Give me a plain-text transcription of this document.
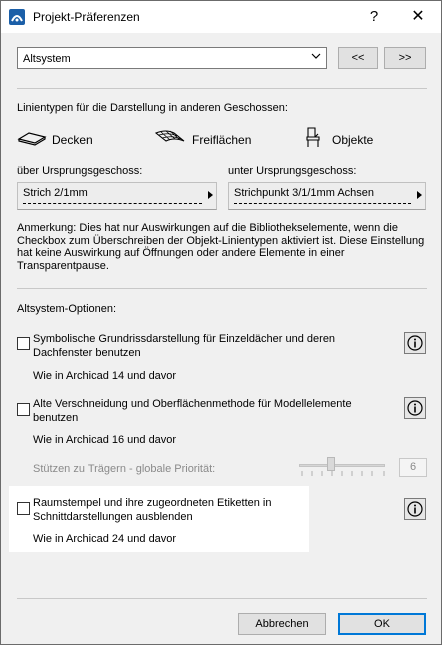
Projekt-Präferenzen	?	✕
Altsystem	<<	>>
Linientypen für die Darstellung in anderen Geschossen:
Decken	Freiflächen	Objekte
über Ursprungsgeschoss:	unter Ursprungsgeschoss:
Strich 2/1mm	Strichpunkt 3/1/1mm Achsen
Anmerkung: Dies hat nur Auswirkungen auf die Bibliothekselemente, wenn die Checkbox zum Überschreiben der Objekt-Linientypen aktiviert ist. Diese Einstellung hat keine Auswirkung auf Öffnungen oder andere Elemente in einer Transparentpause.
Altsystem-Optionen:
Symbolische Grundrissdarstellung für Einzeldächer und deren Dachfenster benutzen
Wie in Archicad 14 und davor
Alte Verschneidung und Oberflächenmethode für Modellelemente benutzen
Wie in Archicad 16 und davor
Stützen zu Trägern - globale Priorität:	6
Raumstempel und ihre zugeordneten Etiketten in Schnittdarstellungen ausblenden
Wie in Archicad 24 und davor
Abbrechen	OK
